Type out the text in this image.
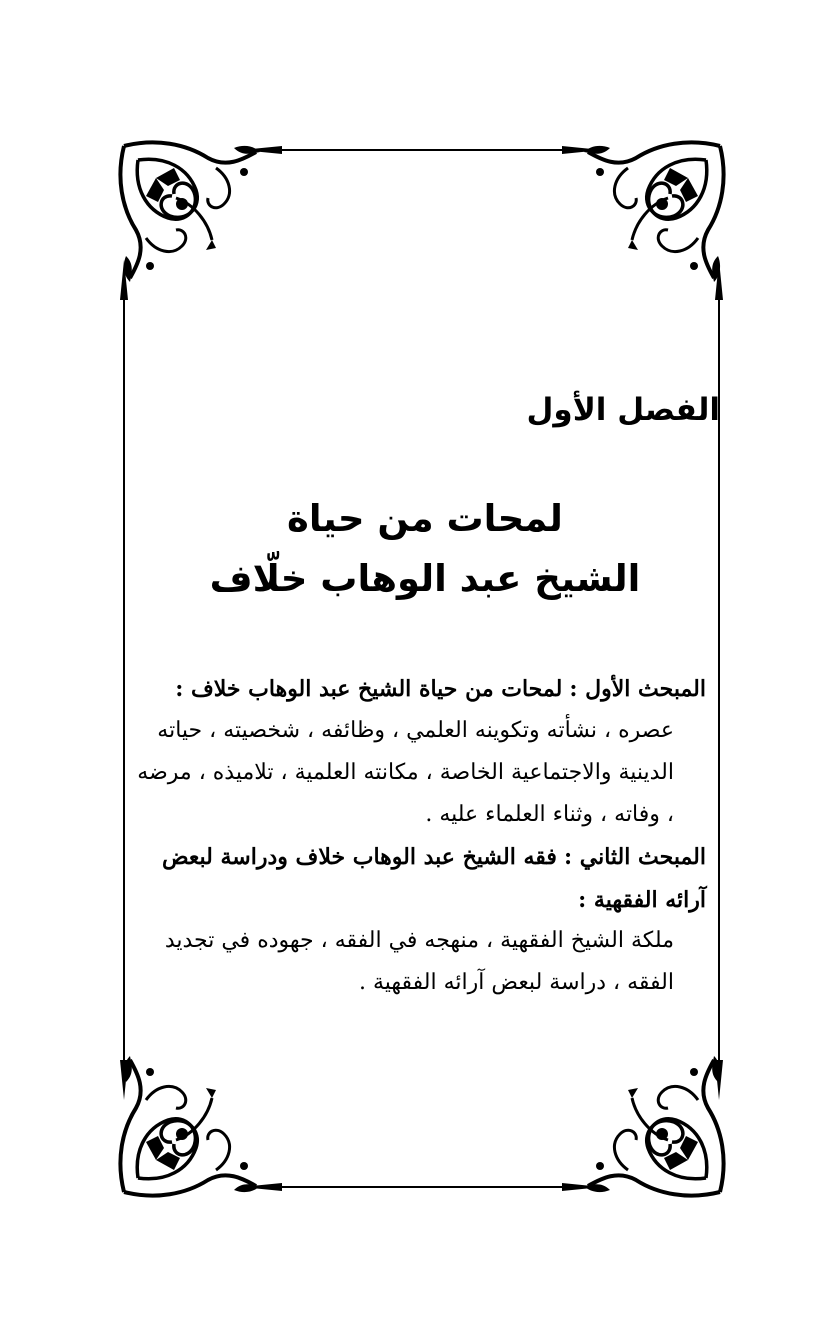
الفصل الأول
لمحات من حياة
الشيخ عبد الوهاب خلّاف
المبحث الأول : لمحات من حياة الشيخ عبد الوهاب خلاف :
عصره ، نشأته وتكوينه العلمي ، وظائفه ، شخصيته ، حياته الدينية والاجتماعية الخاصة ، مكانته العلمية ، تلاميذه ، مرضه ، وفاته ، وثناء العلماء عليه .
المبحث الثاني : فقه الشيخ عبد الوهاب خلاف ودراسة لبعض آرائه الفقهية :
ملكة الشيخ الفقهية ، منهجه في الفقه ، جهوده في تجديد الفقه ، دراسة لبعض آرائه الفقهية .
